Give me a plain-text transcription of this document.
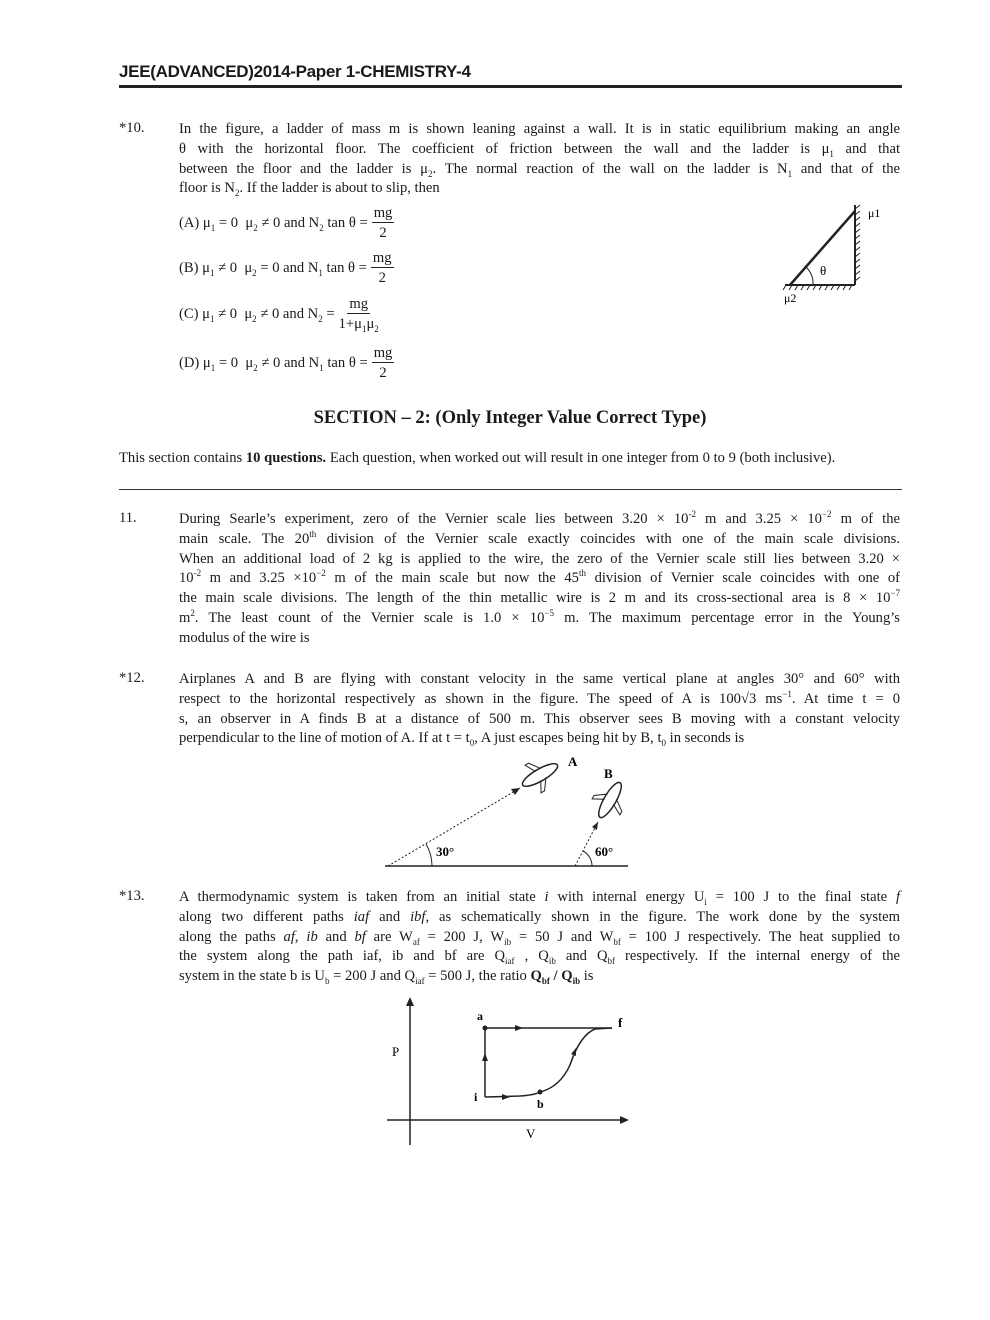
JEE(ADVANCED)2014-Paper 1-CHEMISTRY-4
*10. In the figure, a ladder of mass m is shown leaning against a wall. It is in static equilibrium making an angle
θ with the horizontal floor. The coefficient of friction between the wall and the ladder is $\mu_1$ and that
between the floor and the ladder is $\mu_2$. The normal reaction of the wall on the ladder is $N_1$ and that of the
floor is $N_2$. If the ladder is about to slip, then
(A) $\mu_1 = 0$  $\mu_2 \ne 0$ and $N_2$ $\tan \theta = \frac{mg}{2}$
(B) $\mu_1 \ne 0$  $\mu_2 = 0$ and $N_1$ $\tan \theta = \frac{mg}{2}$
(C) $\mu_1 \ne 0$  $\mu_2 \ne 0$ and $N_2 = \frac{mg}{1+\mu_1\mu_2}$
(D) $\mu_1 = 0$  $\mu_2 \ne 0$ and $N_1$ $\tan \theta = \frac{mg}{2}$
θ
μ1
μ2
SECTION – 2: (Only Integer Value Correct Type)
This section contains 10 questions. Each question, when worked out will result in one integer from 0 to 9 (both inclusive).
11.	During Searle’s experiment, zero of the Vernier scale lies between $3.20 \times 10^{-2}$ m and $3.25 \times 10^{-2}$ m of the
main scale. The 20th division of the Vernier scale exactly coincides with one of the main scale divisions.
When an additional load of 2 kg is applied to the wire, the zero of the Vernier scale still lies between 3.20 ×
$10^{-2}$ m and $3.25 \times 10^{-2}$ m of the main scale but now the 45th division of Vernier scale coincides with one of
the main scale divisions. The length of the thin metallic wire is 2 m and its cross-sectional area is $8 \times 10^{-7}$
$m^2$. The least count of the Vernier scale is $1.0 \times 10^{-5}$ m. The maximum percentage error in the Young’s
modulus of the wire is
*12. Airplanes A and B are flying with constant velocity in the same vertical plane at angles 30° and 60° with
respect to the horizontal respectively as shown in the figure. The speed of A is 100√3 $ms^{-1}$. At time t = 0
s, an observer in A finds B at a distance of 500 m. This observer sees B moving with a constant velocity
perpendicular to the line of motion of A. If at $t = t_0$, A just escapes being hit by B, $t_0$ in seconds is
30°	60°
A
B
*13. A thermodynamic system is taken from an initial state i with internal energy $U_i = 100$ J to the final state f
along two different paths iaf and ibf, as schematically shown in the figure. The work done by the system
along the paths af, ib and bf are $W_{af} = 200$ J, $W_{ib} = 50$ J and $W_{bf} = 100$ J respectively. The heat supplied to
the system along the path iaf, ib and bf are $Q_{iaf}$ , $Q_{ib}$ and $Q_{bf}$ respectively. If the internal energy of the
system in the state b is $U_b = 200$ J and $Q_{iaf} = 500$ J, the ratio $Q_{bf} / Q_{ib}$ is
P
V
a	f
i	b
